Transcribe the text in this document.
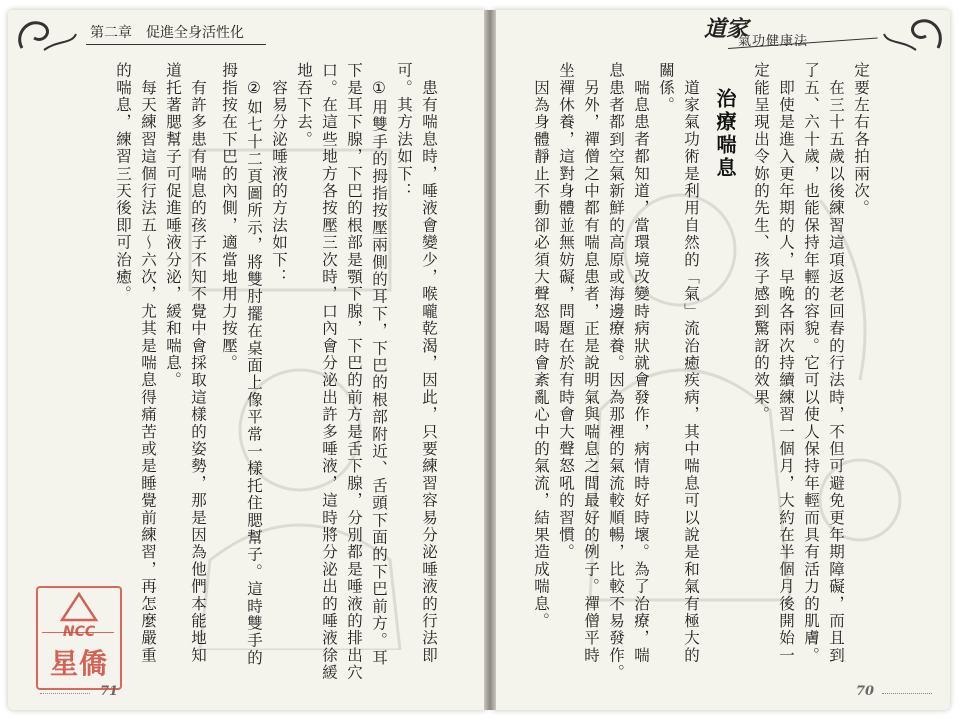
第二章 促進全身活性化	道家
氣功健康法
定要左右各拍兩次。
　在三十五歲以後練習這項返老回春的行法時，不但可避免更年期障礙，而且到
了五、六十歲，也能保持年輕的容貌。它可以使人保持年輕而具有活力的肌膚。
　即使是進入更年期的人，早晚各兩次持續練習一個月，大約在半個月後開始一
定能呈現出令妳的先生、孩子感到驚訝的效果。
治療喘息
　道家氣功術是利用自然的「氣」流治癒疾病，其中喘息可以說是和氣有極大的
關係。
　喘息患者都知道，當環境改變時病狀就會發作，病情時好時壞。為了治療，喘
息患者都到空氣新鮮的高原或海邊療養。因為那裡的氣流較順暢，比較不易發作。
　另外，禪僧之中都有喘息患者，正是說明氣與喘息之間最好的例子。禪僧平時
坐禪休養，這對身體並無妨礙，問題在於有時會大聲怒吼的習慣。
　因為身體靜止不動卻必須大聲怒喝時會紊亂心中的氣流，結果造成喘息。
　患有喘息時，唾液會變少，喉嚨乾渴，因此，只要練習容易分泌唾液的行法即
可。其方法如下：
　①用雙手的拇指按壓兩側的耳下，下巴的根部附近、舌頭下面的下巴前方。耳
下是耳下腺，下巴的根部是顎下腺，下巴的前方是舌下腺，分別都是唾液的排出穴
口。在這些地方各按壓三次時，口內會分泌出許多唾液，這時將分泌出的唾液徐緩
地吞下去。
　容易分泌唾液的方法如下：
　②如七十二頁圖所示，將雙肘擺在桌面上像平常一樣托住腮幫子。這時雙手的
拇指按在下巴的內側，適當地用力按壓。
　有許多患有喘息的孩子不知不覺中會採取這樣的姿勢，那是因為他們本能地知
道托著腮幫子可促進唾液分泌，緩和喘息。
　每天練習這個行法五～六次，尤其是喘息得痛苦或是睡覺前練習，再怎麼嚴重
的喘息，練習三天後即可治癒。
71	70
NCC
星僑
